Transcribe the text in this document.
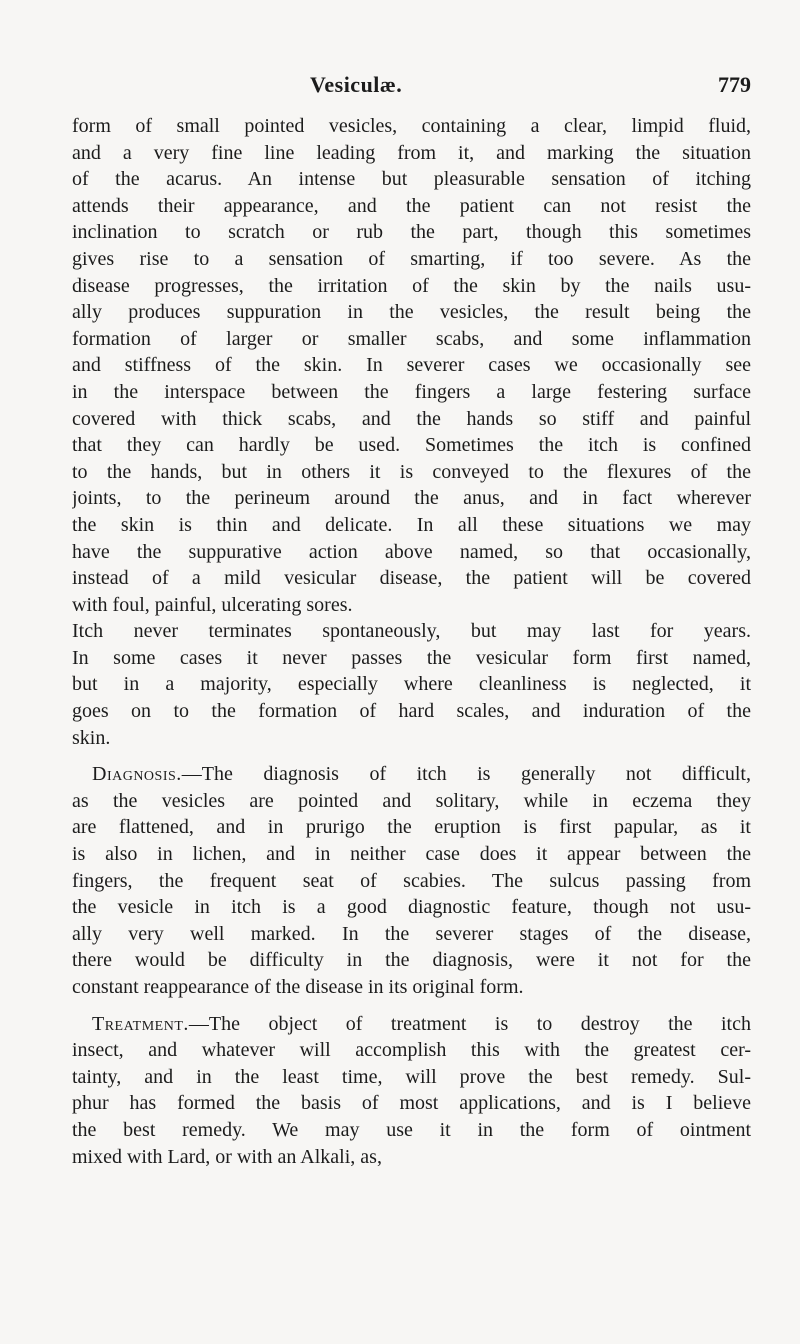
Vesiculæ.	779
form of small pointed vesicles, containing a clear, limpid fluid,
and a very fine line leading from it, and marking the situation
of the acarus. An intense but pleasurable sensation of itching
attends their appearance, and the patient can not resist the
inclination to scratch or rub the part, though this sometimes
gives rise to a sensation of smarting, if too severe. As the
disease progresses, the irritation of the skin by the nails usu-
ally produces suppuration in the vesicles, the result being the
formation of larger or smaller scabs, and some inflammation
and stiffness of the skin. In severer cases we occasionally see
in the interspace between the fingers a large festering surface
covered with thick scabs, and the hands so stiff and painful
that they can hardly be used. Sometimes the itch is confined
to the hands, but in others it is conveyed to the flexures of the
joints, to the perineum around the anus, and in fact wherever
the skin is thin and delicate. In all these situations we may
have the suppurative action above named, so that occasionally,
instead of a mild vesicular disease, the patient will be covered
with foul, painful, ulcerating sores.
Itch never terminates spontaneously, but may last for years.
In some cases it never passes the vesicular form first named,
but in a majority, especially where cleanliness is neglected, it
goes on to the formation of hard scales, and induration of the
skin.
Diagnosis.—The diagnosis of itch is generally not difficult,
as the vesicles are pointed and solitary, while in eczema they
are flattened, and in prurigo the eruption is first papular, as it
is also in lichen, and in neither case does it appear between the
fingers, the frequent seat of scabies. The sulcus passing from
the vesicle in itch is a good diagnostic feature, though not usu-
ally very well marked. In the severer stages of the disease,
there would be difficulty in the diagnosis, were it not for the
constant reappearance of the disease in its original form.
Treatment.—The object of treatment is to destroy the itch
insect, and whatever will accomplish this with the greatest cer-
tainty, and in the least time, will prove the best remedy. Sul-
phur has formed the basis of most applications, and is I believe
the best remedy. We may use it in the form of ointment
mixed with Lard, or with an Alkali, as,
